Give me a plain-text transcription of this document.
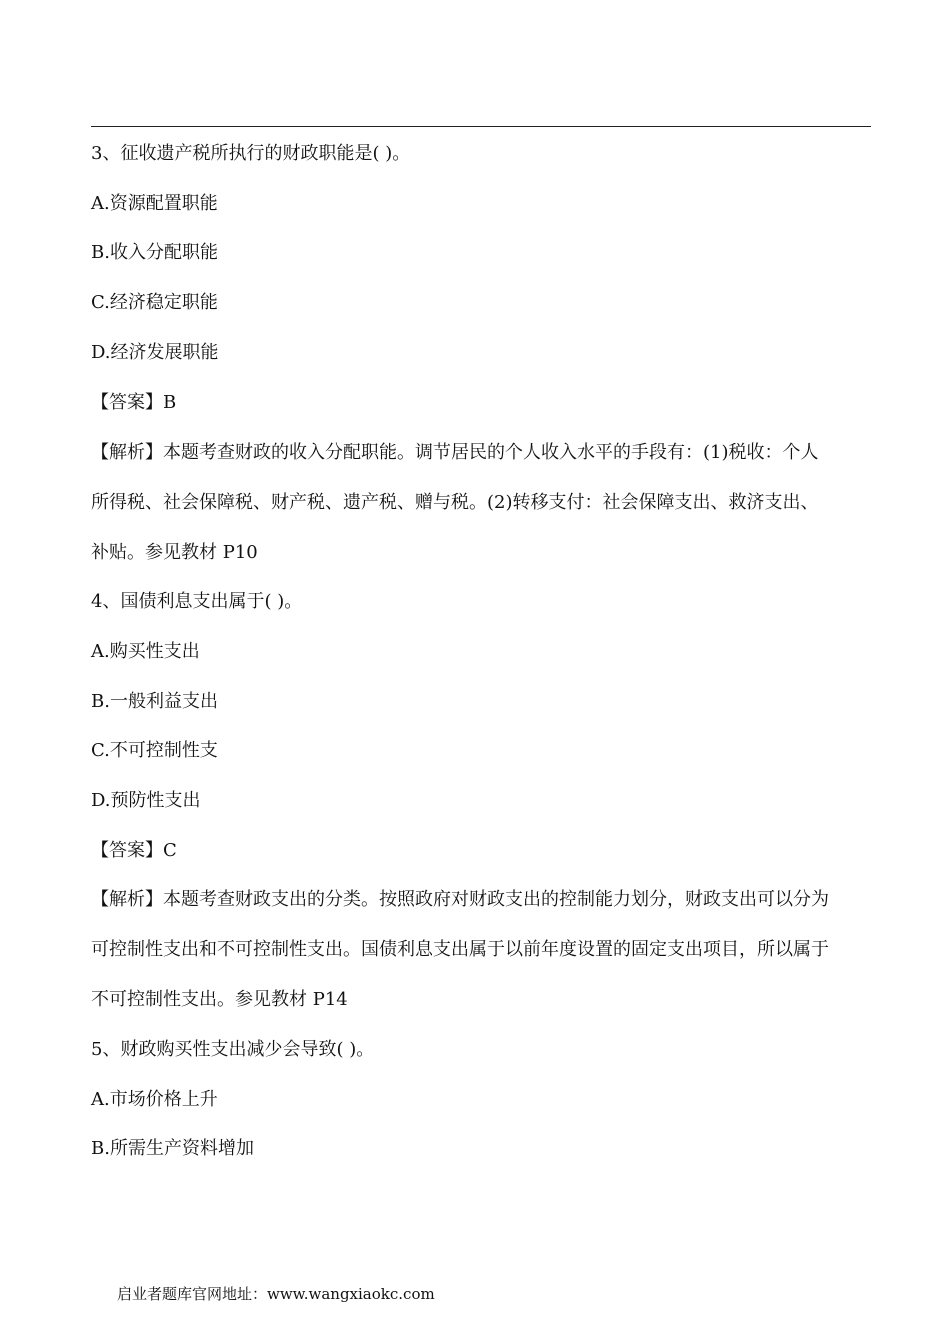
3、征收遗产税所执行的财政职能是( )。
A.资源配置职能
B.收入分配职能
C.经济稳定职能
D.经济发展职能
【答案】B
【解析】本题考查财政的收入分配职能。调节居民的个人收入水平的手段有：(1)税收：个人
所得税、社会保障税、财产税、遗产税、赠与税。(2)转移支付：社会保障支出、救济支出、
补贴。参见教材 P10
4、国债利息支出属于( )。
A.购买性支出
B.一般利益支出
C.不可控制性支
D.预防性支出
【答案】C
【解析】本题考查财政支出的分类。按照政府对财政支出的控制能力划分，财政支出可以分为
可控制性支出和不可控制性支出。国债利息支出属于以前年度设置的固定支出项目，所以属于
不可控制性支出。参见教材 P14
5、财政购买性支出减少会导致( )。
A.市场价格上升
B.所需生产资料增加
启业者题库官网地址：www.wangxiaokc.com
